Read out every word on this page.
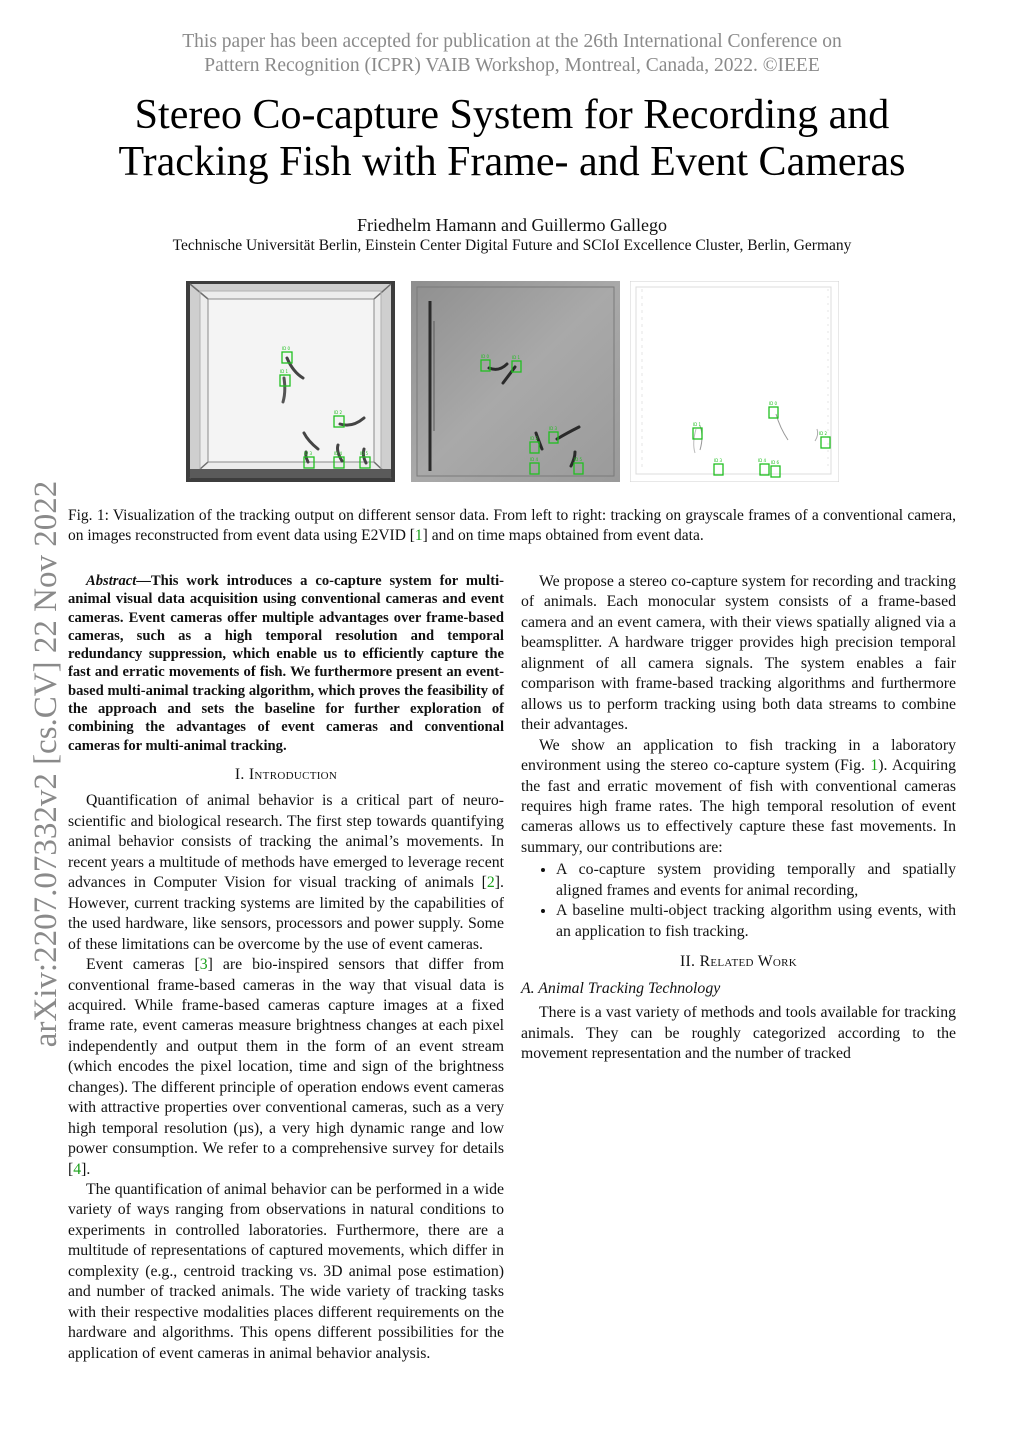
This paper has been accepted for publication at the 26th International Conference on
Pattern Recognition (ICPR) VAIB Workshop, Montreal, Canada, 2022. ©IEEE
Stereo Co-capture System for Recording and
Tracking Fish with Frame- and Event Cameras
Friedhelm Hamann and Guillermo Gallego
Technische Universität Berlin, Einstein Center Digital Future and SCIoI Excellence Cluster, Berlin, Germany
arXiv:2207.07332v2 [cs.CV] 22 Nov 2022
ID 0
ID 1
ID 2
ID 3	ID 4	ID 5
ID 0	ID 1
ID 2
ID 3
ID 4	ID 5
ID 0
ID 1
ID 2
ID 3	ID 4 ID 6
Fig. 1: Visualization of the tracking output on different sensor data. From left to right: tracking on grayscale frames of a conventional camera, on images reconstructed from event data using E2VID [1] and on time maps obtained from event data.

Abstract—This work introduces a co-capture system for multi-animal visual data acquisition using conventional cameras and event cameras. Event cameras offer multiple advantages over frame-based cameras, such as a high temporal resolution and temporal redundancy suppression, which enable us to efficiently capture the fast and erratic movements of fish. We furthermore present an event-based multi-animal tracking algorithm, which proves the feasibility of the approach and sets the baseline for further exploration of combining the advantages of event cameras and conventional cameras for multi-animal tracking.

I. Introduction

Quantification of animal behavior is a critical part of neuro-scientific and biological research. The first step towards quantifying animal behavior consists of tracking the animal’s movements. In recent years a multitude of methods have emerged to leverage recent advances in Computer Vision for visual tracking of animals [2]. However, current tracking systems are limited by the capabilities of the used hardware, like sensors, processors and power supply. Some of these limitations can be overcome by the use of event cameras.

Event cameras [3] are bio-inspired sensors that differ from conventional frame-based cameras in the way that visual data is acquired. While frame-based cameras capture images at a fixed frame rate, event cameras measure brightness changes at each pixel independently and output them in the form of an event stream (which encodes the pixel location, time and sign of the brightness changes). The different principle of operation endows event cameras with attractive properties over conventional cameras, such as a very high temporal resolution (µs), a very high dynamic range and low power consumption. We refer to a comprehensive survey for details [4].

The quantification of animal behavior can be performed in a wide variety of ways ranging from observations in natural conditions to experiments in controlled laboratories. Furthermore, there are a multitude of representations of captured movements, which differ in complexity (e.g., centroid tracking vs. 3D animal pose estimation) and number of tracked animals. The wide variety of tracking tasks with their respective modalities places different requirements on the hardware and algorithms. This opens different possibilities for the application of event cameras in animal behavior analysis.

We propose a stereo co-capture system for recording and tracking of animals. Each monocular system consists of a frame-based camera and an event camera, with their views spatially aligned via a beamsplitter. A hardware trigger provides high precision temporal alignment of all camera signals. The system enables a fair comparison with frame-based tracking algorithms and furthermore allows us to perform tracking using both data streams to combine their advantages.

We show an application to fish tracking in a laboratory environment using the stereo co-capture system (Fig. 1). Acquiring the fast and erratic movement of fish with conventional cameras requires high frame rates. The high temporal resolution of event cameras allows us to effectively capture these fast movements. In summary, our contributions are:

• A co-capture system providing temporally and spatially aligned frames and events for animal recording,
• A baseline multi-object tracking algorithm using events, with an application to fish tracking.
II. Related Work
A. Animal Tracking Technology

There is a vast variety of methods and tools available for tracking animals. They can be roughly categorized according to the movement representation and the number of tracked
